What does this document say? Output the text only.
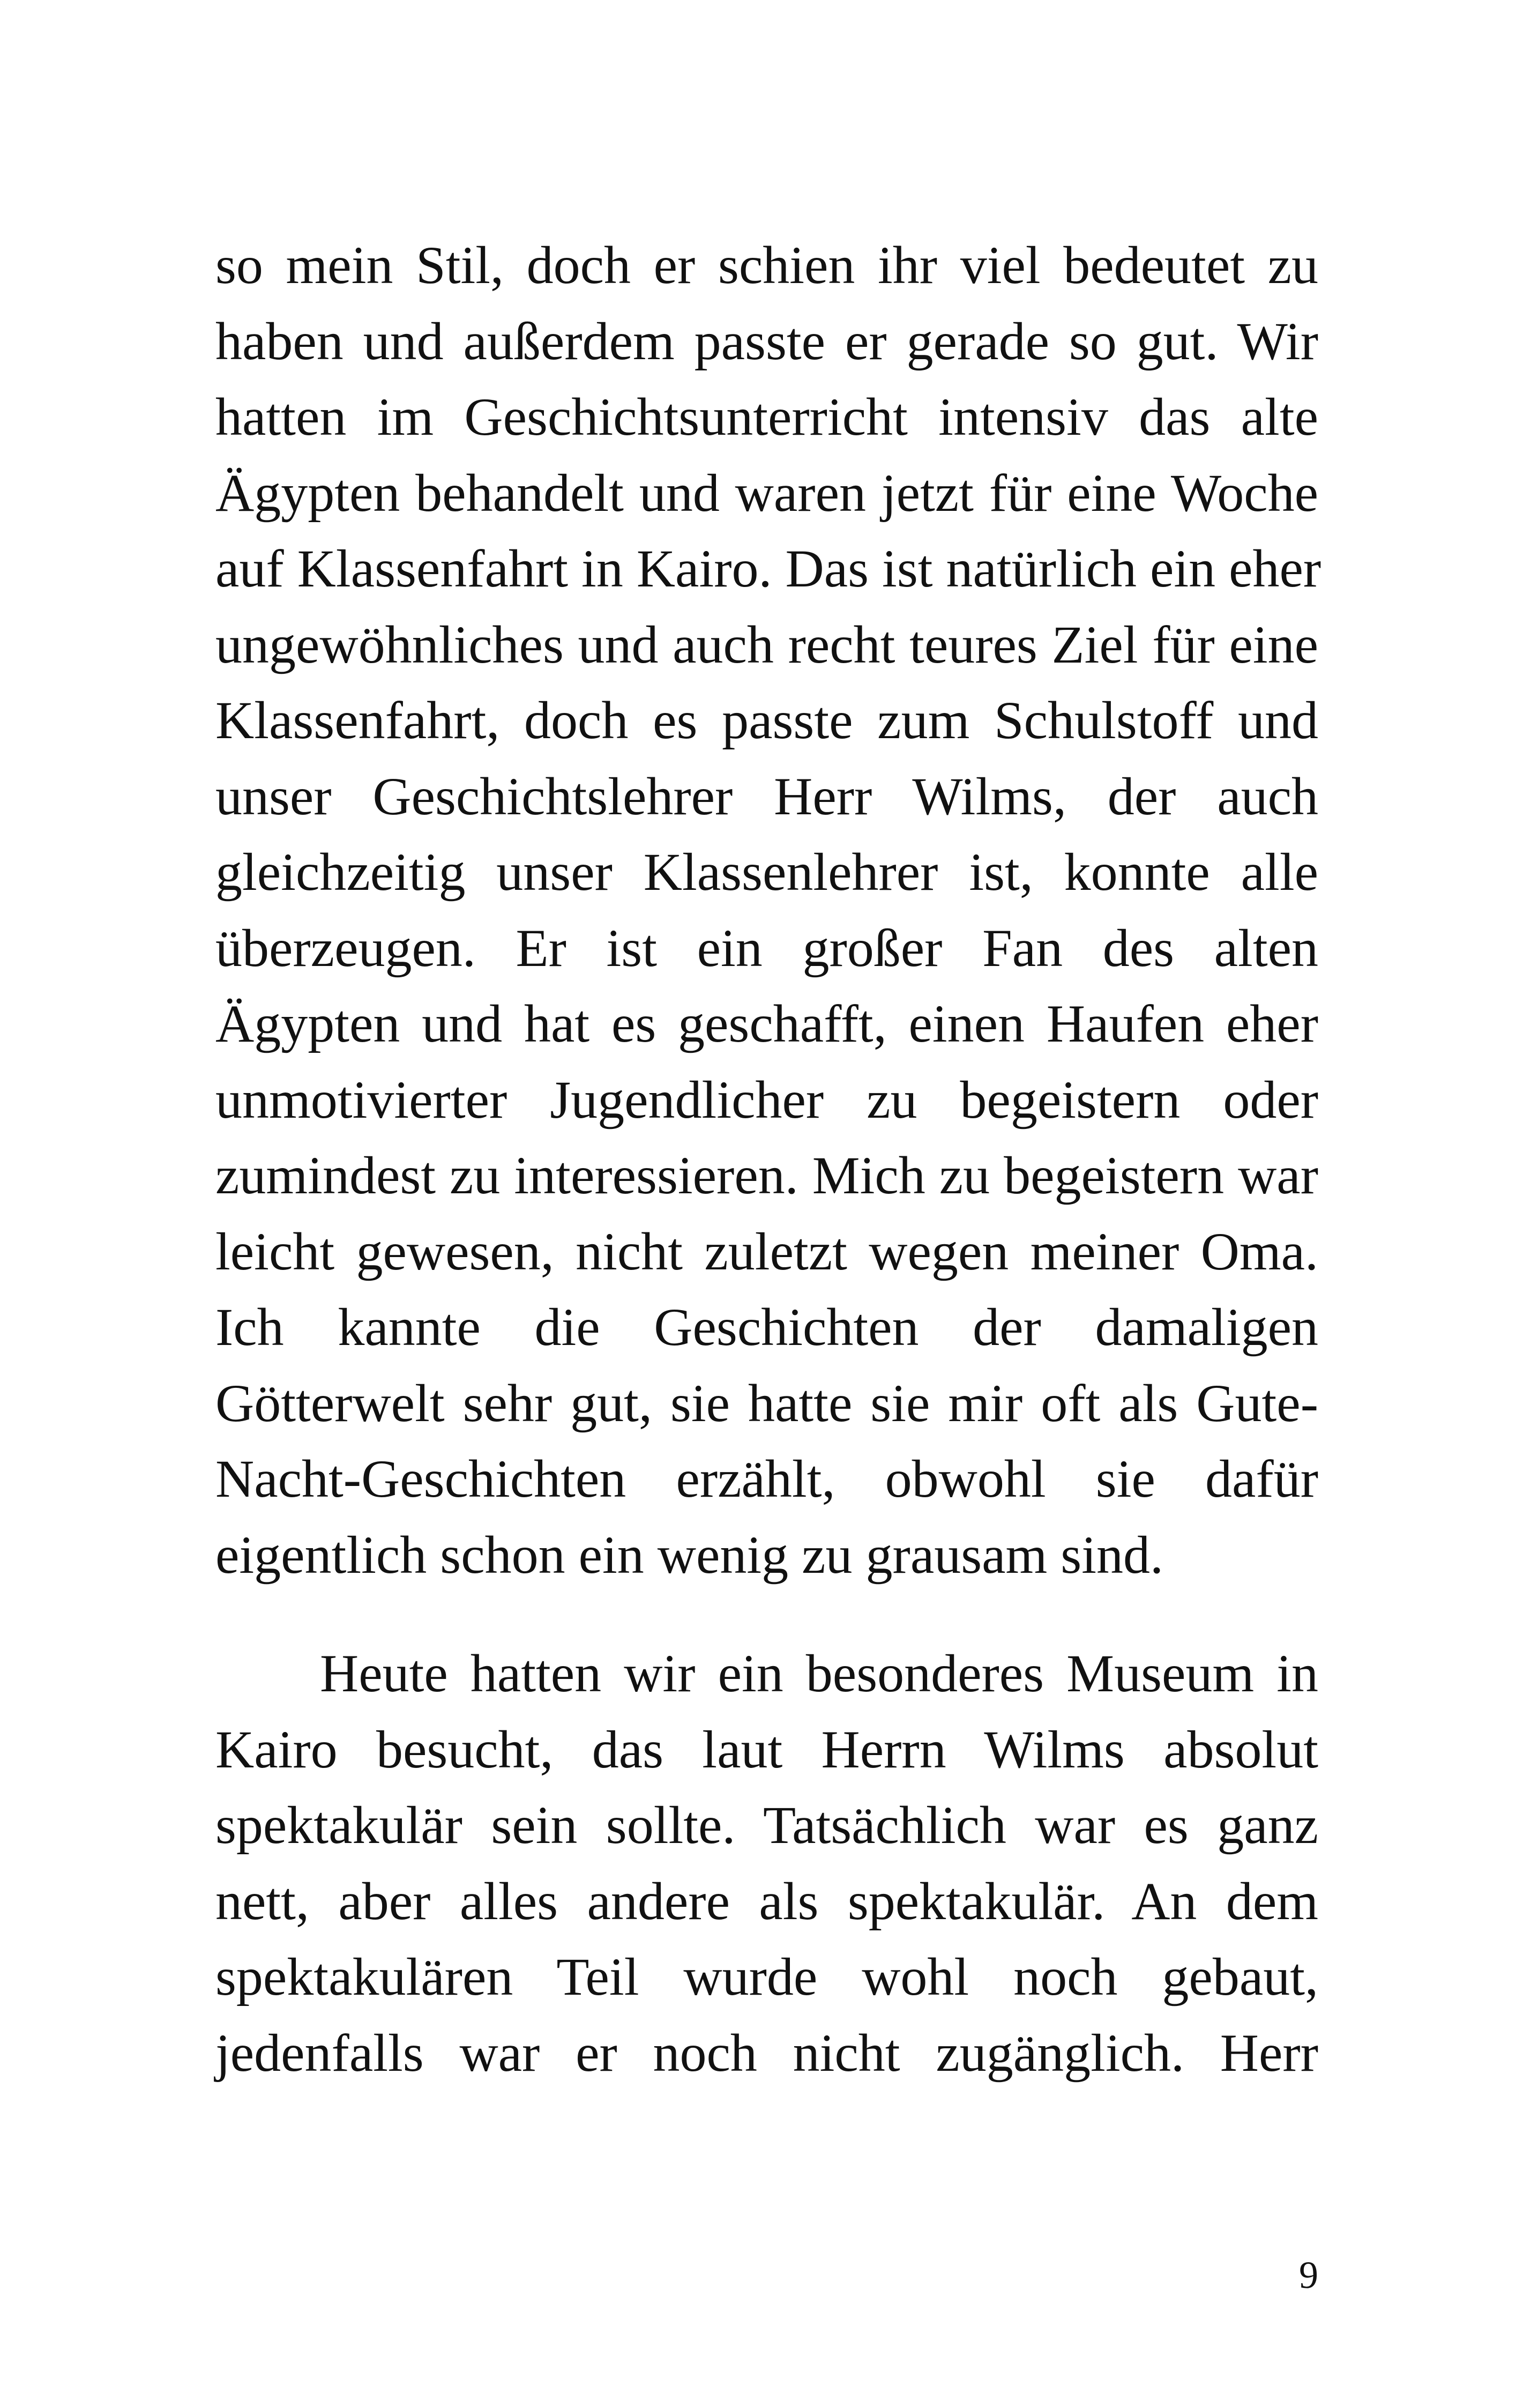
so mein Stil, doch er schien ihr viel bedeutet zu
haben und außerdem passte er gerade so gut. Wir
hatten im Geschichtsunterricht intensiv das alte
Ägypten behandelt und waren jetzt für eine Woche
auf Klassenfahrt in Kairo. Das ist natürlich ein eher
ungewöhnliches und auch recht teures Ziel für eine
Klassenfahrt, doch es passte zum Schulstoff und
unser Geschichtslehrer Herr Wilms, der auch
gleichzeitig unser Klassenlehrer ist, konnte alle
überzeugen. Er ist ein großer Fan des alten
Ägypten und hat es geschafft, einen Haufen eher
unmotivierter Jugendlicher zu begeistern oder
zumindest zu interessieren. Mich zu begeistern war
leicht gewesen, nicht zuletzt wegen meiner Oma.
Ich kannte die Geschichten der damaligen
Götterwelt sehr gut, sie hatte sie mir oft als Gute-
Nacht-Geschichten erzählt, obwohl sie dafür
eigentlich schon ein wenig zu grausam sind.
Heute hatten wir ein besonderes Museum in
Kairo besucht, das laut Herrn Wilms absolut
spektakulär sein sollte. Tatsächlich war es ganz
nett, aber alles andere als spektakulär. An dem
spektakulären Teil wurde wohl noch gebaut,
jedenfalls war er noch nicht zugänglich. Herr
9
